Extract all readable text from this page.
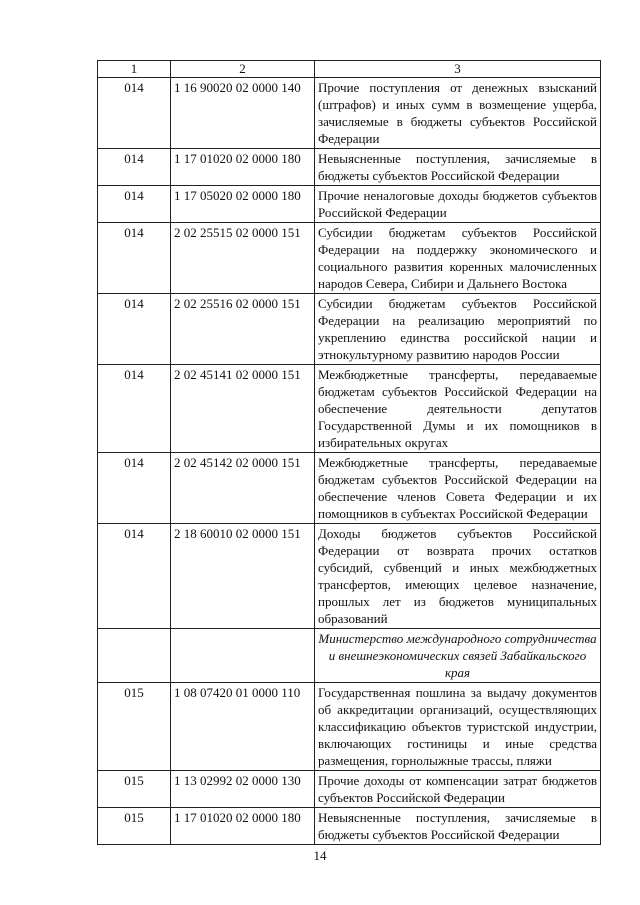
1	2	3
014	1 16 90020 02 0000 140	Прочие поступления от денежных взысканий (штрафов) и иных сумм в возмещение ущерба, зачисляемые в бюджеты субъектов Российской Федерации
014	1 17 01020 02 0000 180	Невыясненные поступления, зачисляемые в бюджеты субъектов Российской Федерации
014	1 17 05020 02 0000 180	Прочие неналоговые доходы бюджетов субъектов Российской Федерации
014	2 02 25515 02 0000 151	Субсидии бюджетам субъектов Российской Федерации на поддержку экономического и социального развития коренных малочисленных народов Севера, Сибири и Дальнего Востока
014	2 02 25516 02 0000 151	Субсидии бюджетам субъектов Российской Федерации на реализацию мероприятий по укреплению единства российской нации и этнокультурному развитию народов России
014	2 02 45141 02 0000 151	Межбюджетные трансферты, передаваемые бюджетам субъектов Российской Федерации на обеспечение деятельности депутатов Государственной Думы и их помощников в избирательных округах
014	2 02 45142 02 0000 151	Межбюджетные трансферты, передаваемые бюджетам субъектов Российской Федерации на обеспечение членов Совета Федерации и их помощников в субъектах Российской Федерации
014	2 18 60010 02 0000 151	Доходы бюджетов субъектов Российской Федерации от возврата прочих остатков субсидий, субвенций и иных межбюджетных трансфертов, имеющих целевое назначение, прошлых лет из бюджетов муниципальных образований
		Министерство международного сотрудничества и внешнеэкономических связей Забайкальского края
015	1 08 07420 01 0000 110	Государственная пошлина за выдачу документов об аккредитации организаций, осуществляющих классификацию объектов туристской индустрии, включающих гостиницы и иные средства размещения, горнолыжные трассы, пляжи
015	1 13 02992 02 0000 130	Прочие доходы от компенсации затрат бюджетов субъектов Российской Федерации
015	1 17 01020 02 0000 180	Невыясненные поступления, зачисляемые в бюджеты субъектов Российской Федерации
14
